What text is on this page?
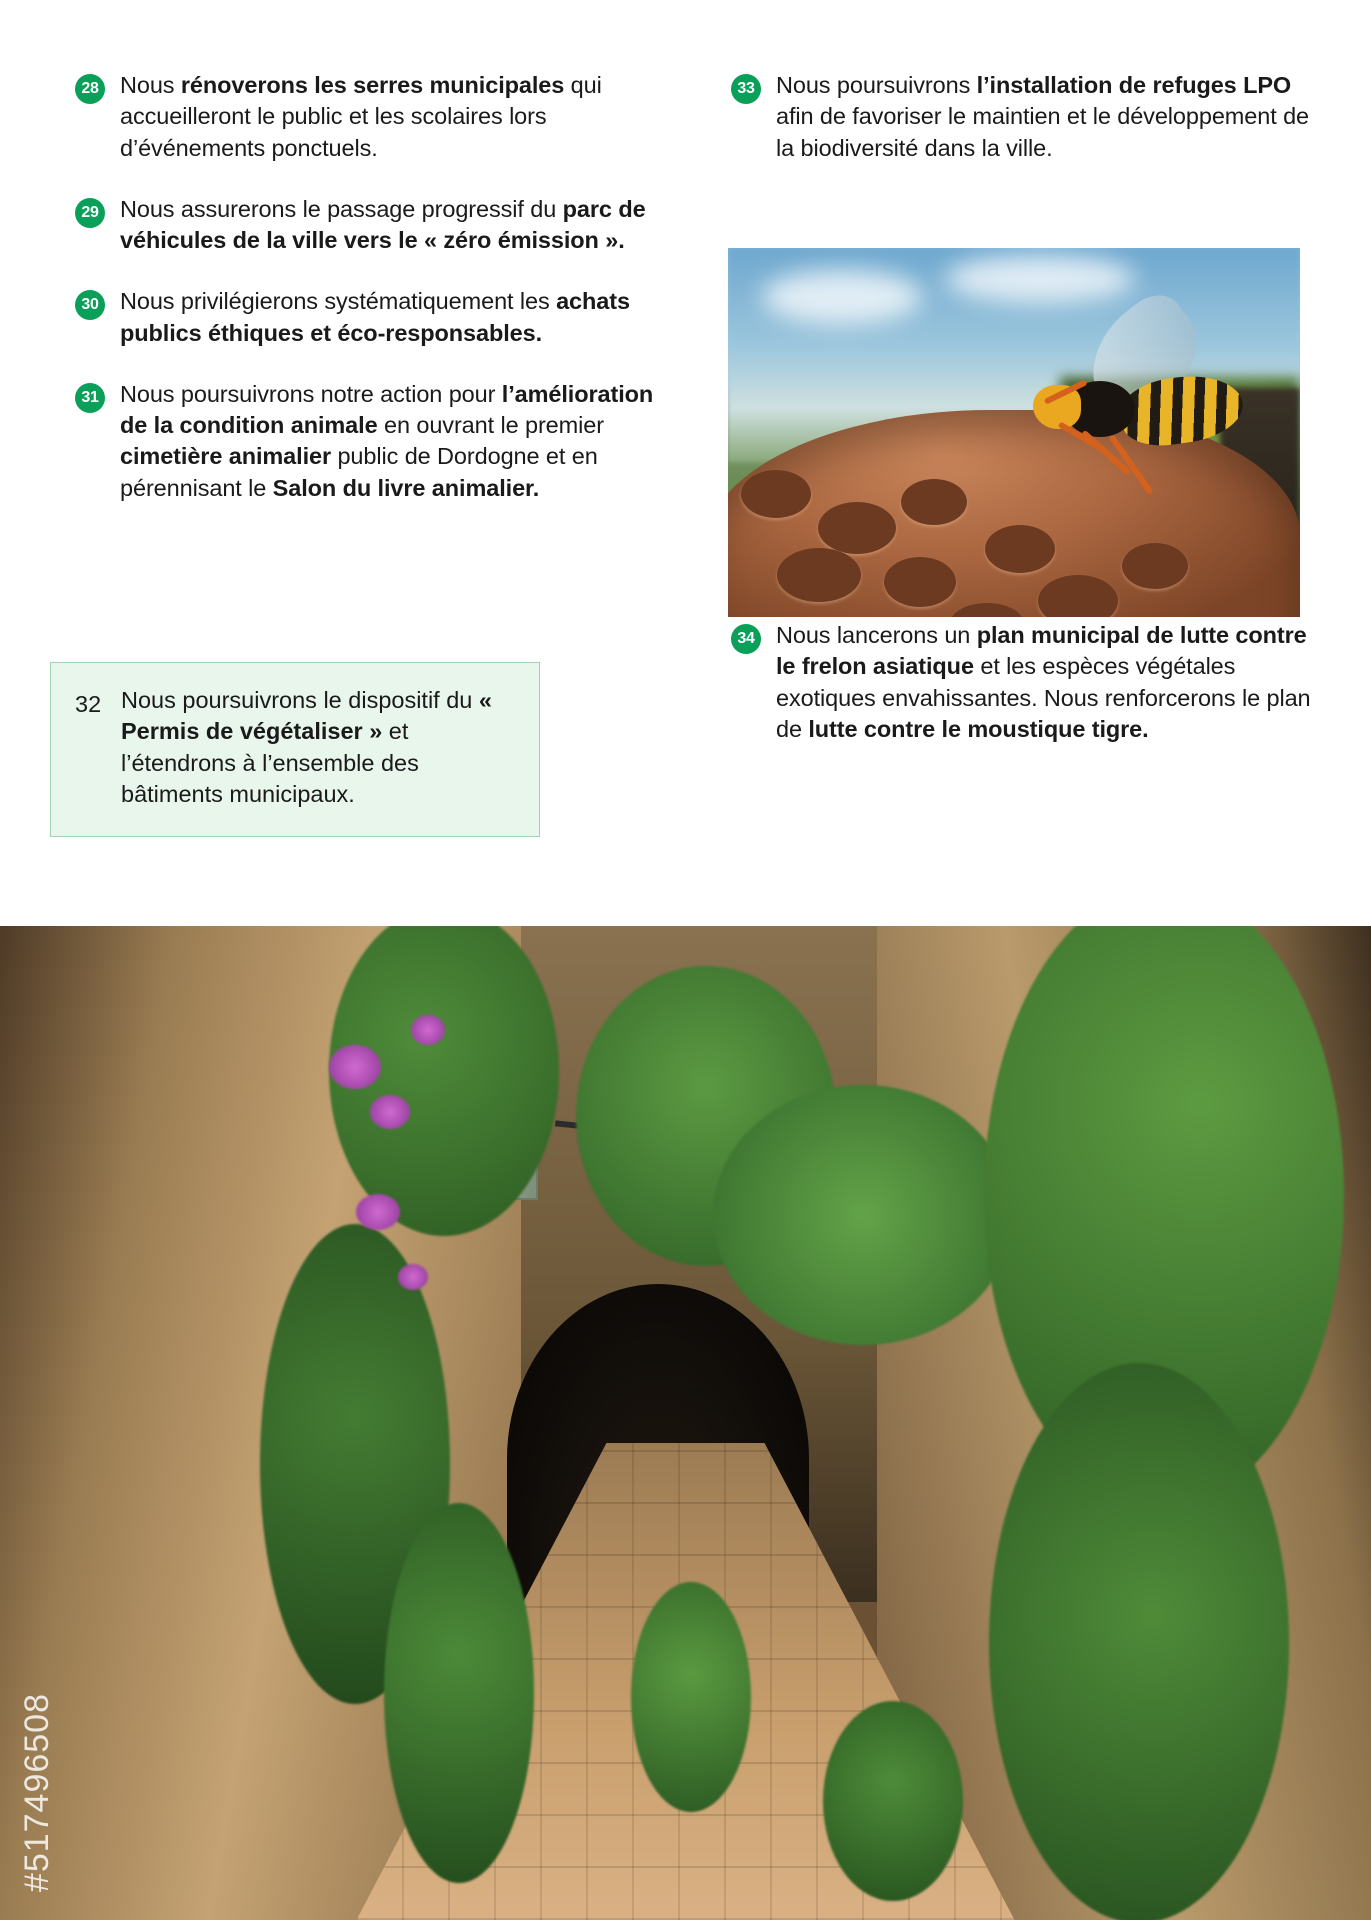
28 Nous rénoverons les serres municipales qui accueilleront le public et les scolaires lors d’événements ponctuels.
29 Nous assurerons le passage progressif du parc de véhicules de la ville vers le « zéro émission ».
30 Nous privilégierons systématiquement les achats publics éthiques et éco-responsables.
31 Nous poursuivrons notre action pour l’amélioration de la condition animale en ouvrant le premier cimetière animalier public de Dordogne et en pérennisant le Salon du livre animalier.
32 Nous poursuivrons le dispositif du « Permis de végétaliser » et l’étendrons à l’ensemble des bâtiments municipaux.
33 Nous poursuivrons l’installation de refuges LPO afin de favoriser le maintien et le développement de la biodiversité dans la ville.
34 Nous lancerons un plan municipal de lutte contre le frelon asiatique et les espèces végétales exotiques envahissantes. Nous renforcerons le plan de lutte contre le moustique tigre.
#517496508
